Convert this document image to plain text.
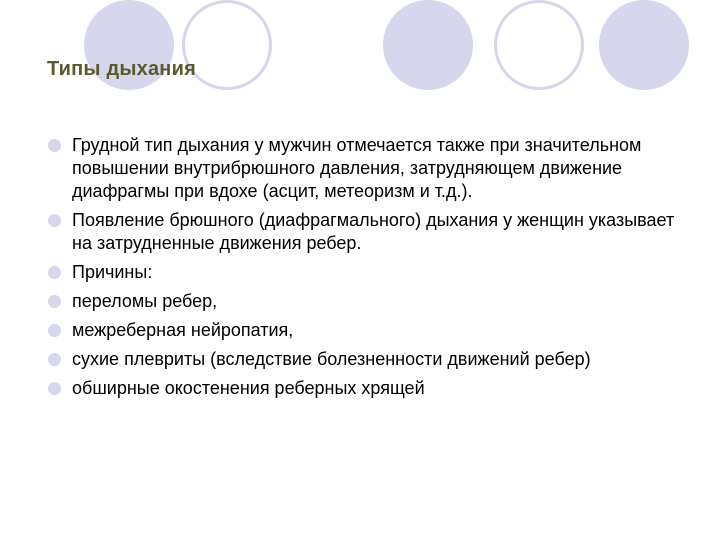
Типы дыхания
Грудной тип дыхания у мужчин отмечается также при значительном повышении внутрибрюшного давления, затрудняющем движение диафрагмы при вдохе (асцит, метеоризм и т.д.).
Появление брюшного (диафрагмального) дыхания у женщин указывает на затрудненные движения ребер.
Причины:
переломы ребер,
межреберная нейропатия,
сухие плевриты (вследствие болезненности движений ребер)
обширные окостенения реберных хрящей
